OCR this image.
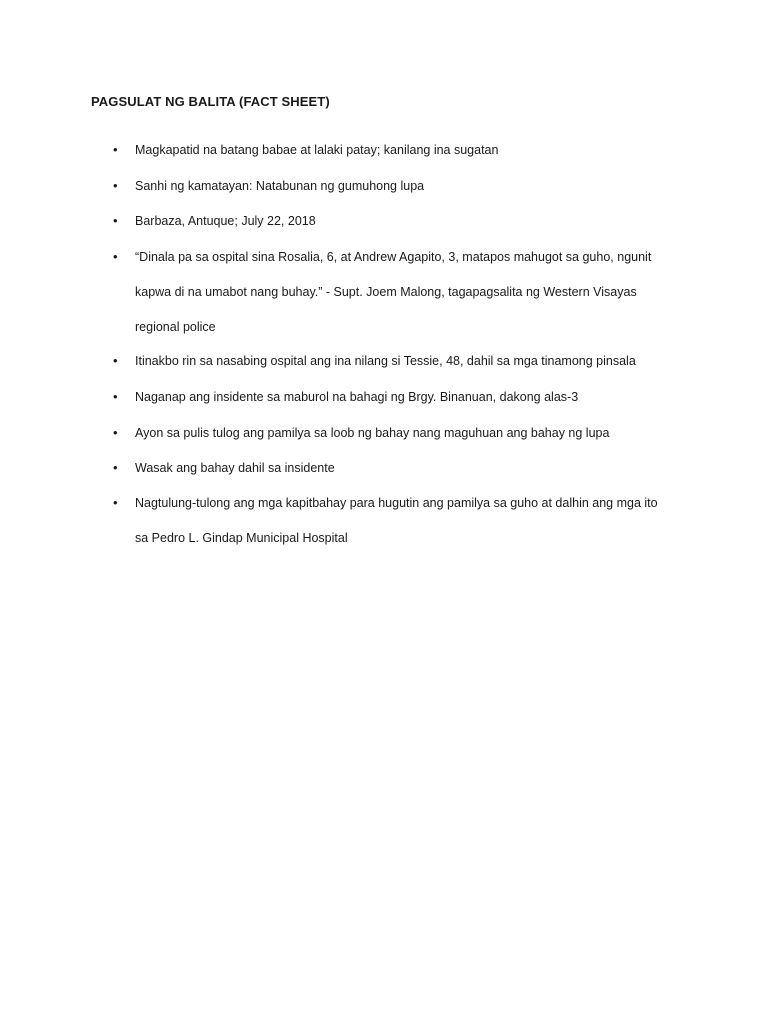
PAGSULAT NG BALITA (FACT SHEET)
• Magkapatid na batang babae at lalaki patay; kanilang ina sugatan
• Sanhi ng kamatayan: Natabunan ng gumuhong lupa
• Barbaza, Antuque; July 22, 2018
• “Dinala pa sa ospital sina Rosalia, 6, at Andrew Agapito, 3, matapos mahugot sa guho, ngunit
kapwa di na umabot nang buhay.” - Supt. Joem Malong, tagapagsalita ng Western Visayas
regional police
• Itinakbo rin sa nasabing ospital ang ina nilang si Tessie, 48, dahil sa mga tinamong pinsala
• Naganap ang insidente sa maburol na bahagi ng Brgy. Binanuan, dakong alas-3
• Ayon sa pulis tulog ang pamilya sa loob ng bahay nang maguhuan ang bahay ng lupa
• Wasak ang bahay dahil sa insidente
• Nagtulung-tulong ang mga kapitbahay para hugutin ang pamilya sa guho at dalhin ang mga ito
sa Pedro L. Gindap Municipal Hospital
